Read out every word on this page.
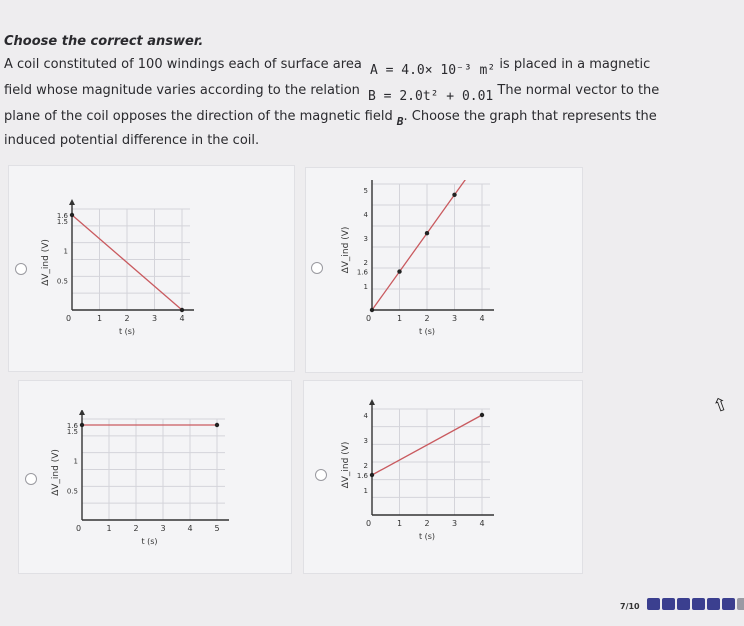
Choose the correct answer.
A coil constituted of 100 windings each of surface area A = 4.0× 10⁻³ m² is placed in a magnetic
field whose magnitude varies according to the relation B = 2.0t² + 0.01 The normal vector to the
plane of the coil opposes the direction of the magnetic field $_B$. Choose the graph that represents the
induced potential difference in the coil.
1	2	3	4
0
0.5
1
1.5
1.6
t (s)
ΔV_ind (V)
1	2	3	4
0
1
1.6
2
3
4
5
t (s)
ΔV_ind (V)
1	2	3	4	5
0
0.5
1
1.5
1.6
t (s)
ΔV_ind (V)
1	2	3	4
0
1
1.6
2
3
4
t (s)
ΔV_ind (V)
7/10
⇧
